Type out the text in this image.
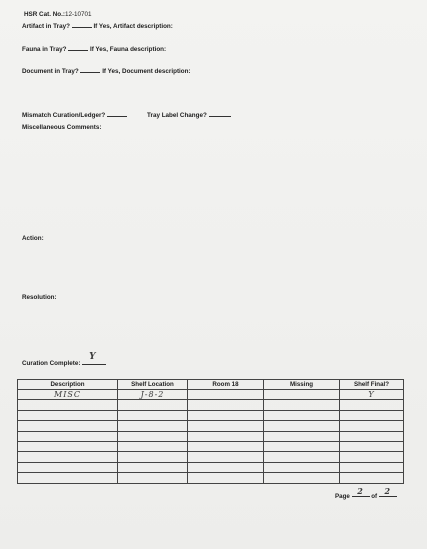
HSR Cat. No.:12-10701
Artifact in Tray?	If Yes, Artifact description:
Fauna in Tray?	If Yes, Fauna description:
Document in Tray?	If Yes, Document description:
Mismatch Curation/Ledger?	Tray Label Change?
Miscellaneous Comments:
Action:
Resolution:
Curation Complete:
Y
Description	Shelf Location	Room 18	Missing	Shelf Final?
MISC	J-8-2			Y

Page 2 of 2
